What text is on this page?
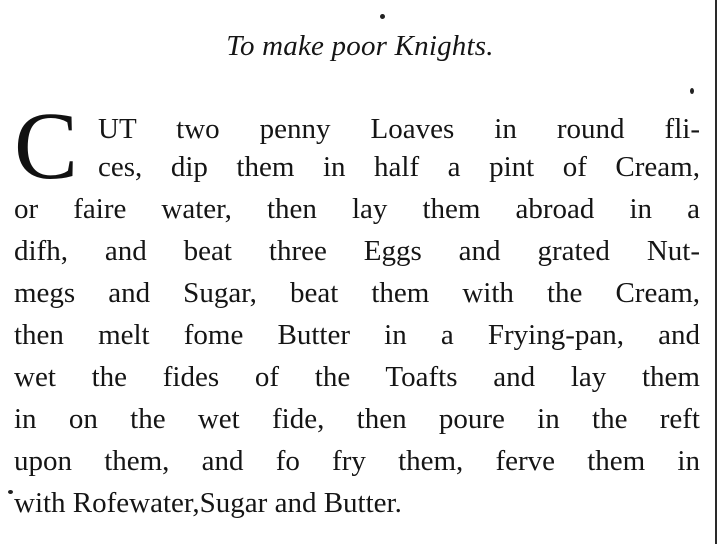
To make poor Knights.
C UT two penny Loaves in round fli-
ces, dip them in half a pint of Cream,
or faire water, then lay them abroad in a
difh, and beat three Eggs and grated Nut-
megs and Sugar, beat them with the Cream,
then melt fome Butter in a Frying-pan, and
wet the fides of the Toafts and lay them
in on the wet fide, then poure in the reft
upon them, and fo fry them, ferve them in
with Rofewater,Sugar and Butter.
